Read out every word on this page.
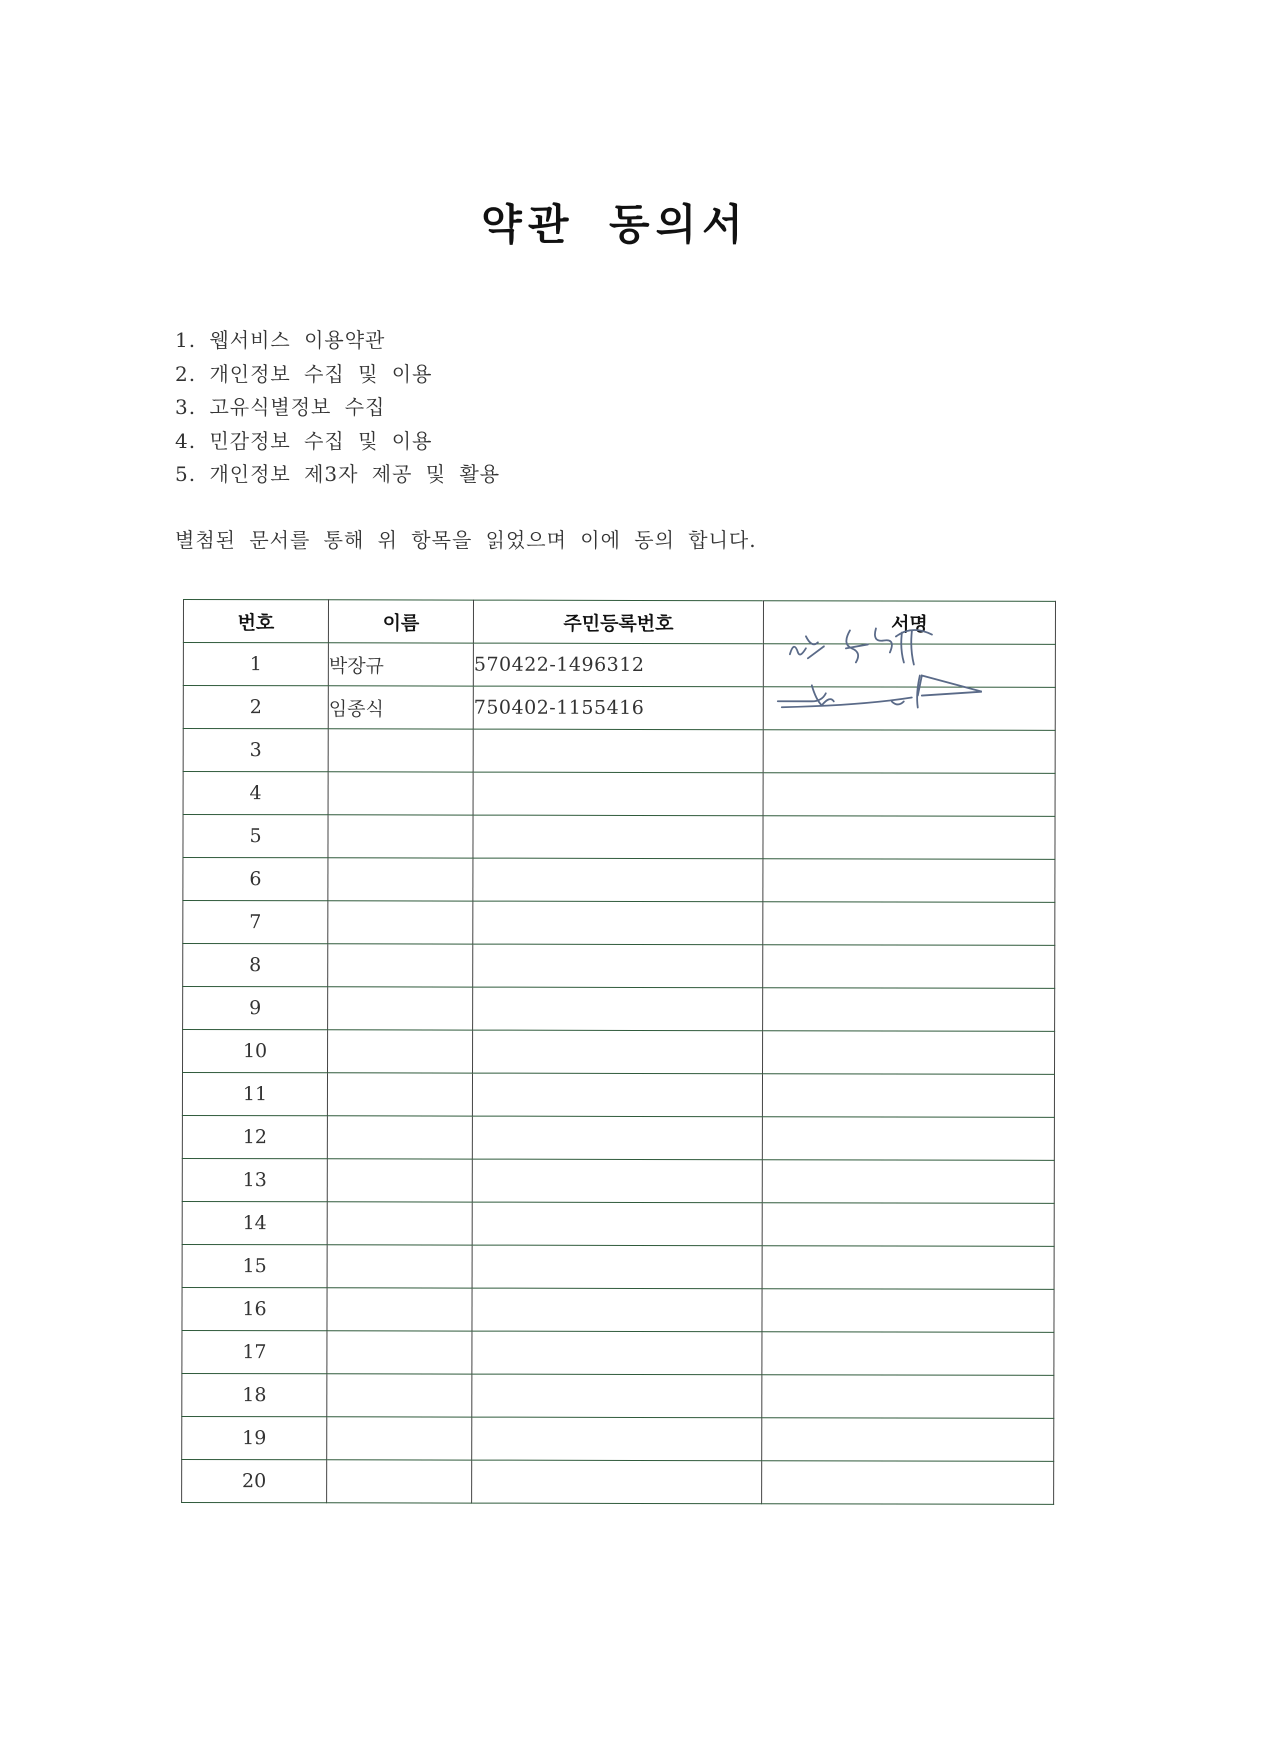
약관 동의서
1. 웹서비스 이용약관
2. 개인정보 수집 및 이용
3. 고유식별정보 수집
4. 민감정보 수집 및 이용
5. 개인정보 제3자 제공 및 활용
별첨된 문서를 통해 위 항목을 읽었으며 이에 동의 합니다.
번호	이름	주민등록번호	서명
1	박장규	570422-1496312	

2	임종식	750402-1155416	

3			
4			
5			
6			
7			
8			
9			
10			
11			
12			
13			
14			
15			
16			
17			
18			
19			
20			
